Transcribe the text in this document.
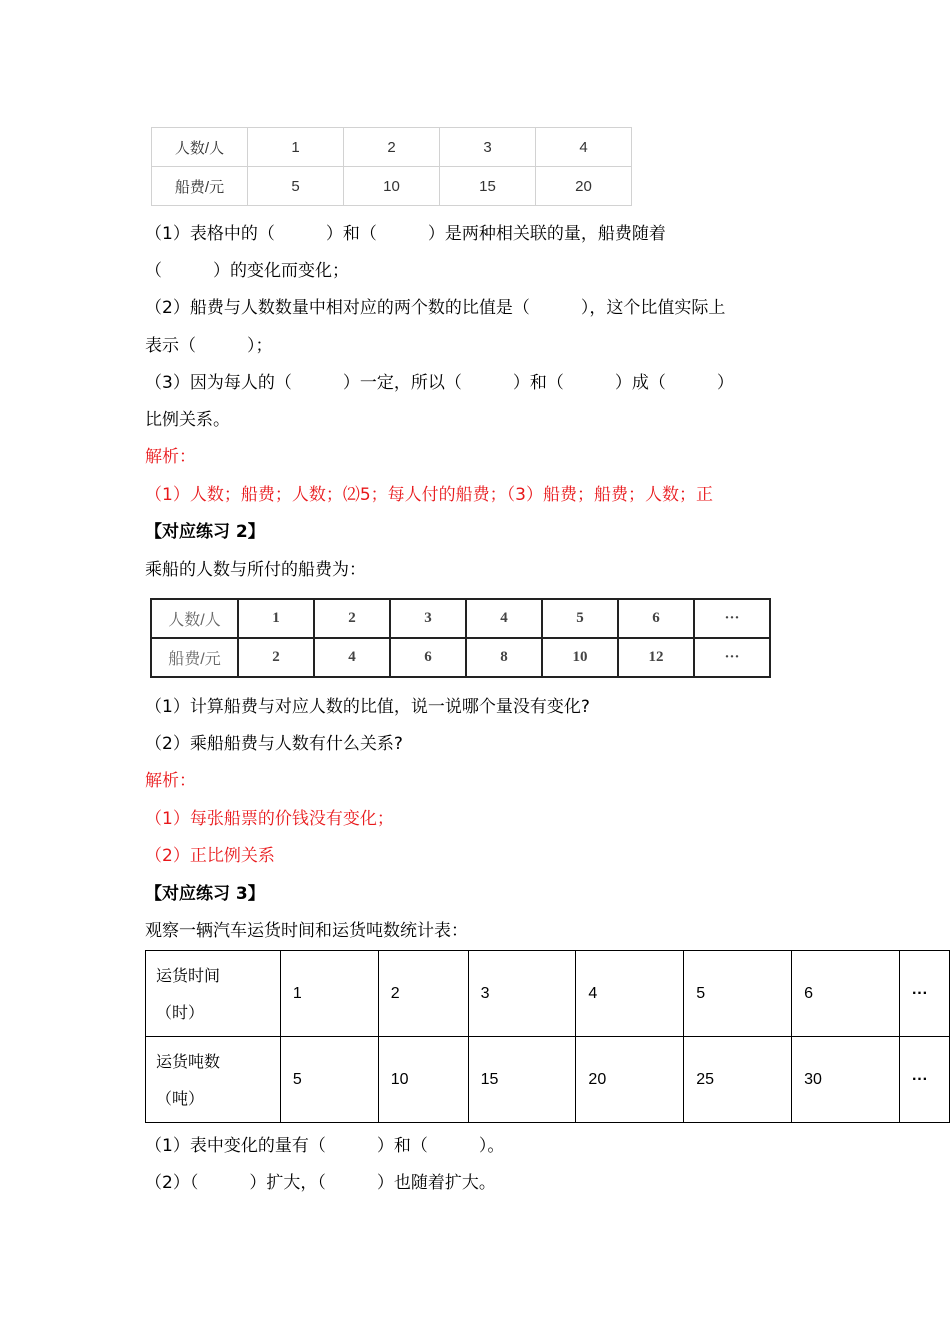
人数/人	1	2	3	4
船费/元	5	10	15	20
（1）表格中的（　　　）和（　　　）是两种相关联的量，船费随着
（　　　）的变化而变化；
（2）船费与人数数量中相对应的两个数的比值是（　　　），这个比值实际上
表示（　　　）；
（3）因为每人的（　　　）一定，所以（　　　）和（　　　）成（　　　）
比例关系。
解析：
（1）人数；船费；人数；⑵5；每人付的船费；（3）船费；船费；人数；正
【对应练习 2】
乘船的人数与所付的船费为：
人数/人	1	2	3	4	5	6	···
船费/元	2	4	6	8	10	12	···
（1）计算船费与对应人数的比值，说一说哪个量没有变化?
（2）乘船船费与人数有什么关系?
解析：
（1）每张船票的价钱没有变化；
（2）正比例关系
【对应练习 3】
观察一辆汽车运货时间和运货吨数统计表：
运货时间
（时）	1	2	3	4	5	6	···
运货吨数
（吨）	5	10	15	20	25	30	···
（1）表中变化的量有（　　　）和（　　　）。
（2）（　　　）扩大，（　　　）也随着扩大。
